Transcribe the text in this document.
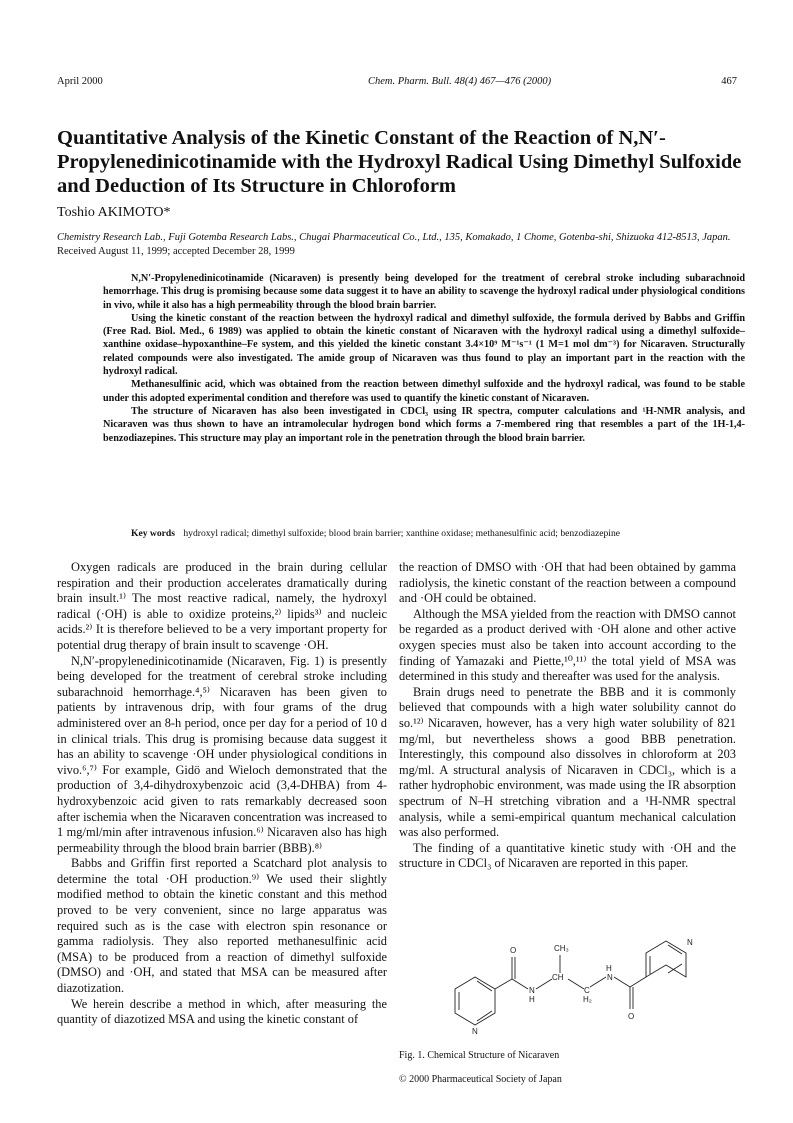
April 2000	Chem. Pharm. Bull. 48(4) 467—476 (2000)	467
Quantitative Analysis of the Kinetic Constant of the Reaction of N,N′-Propylenedinicotinamide with the Hydroxyl Radical Using Dimethyl Sulfoxide and Deduction of Its Structure in Chloroform
Toshio AKIMOTO*
Chemistry Research Lab., Fuji Gotemba Research Labs., Chugai Pharmaceutical Co., Ltd., 135, Komakado, 1 Chome, Gotenba-shi, Shizuoka 412-8513, Japan. Received August 11, 1999; accepted December 28, 1999

N,N′-Propylenedinicotinamide (Nicaraven) is presently being developed for the treatment of cerebral stroke including subarachnoid hemorrhage. This drug is promising because some data suggest it to have an ability to scavenge the hydroxyl radical under physiological conditions in vivo, while it also has a high permeability through the blood brain barrier.

Using the kinetic constant of the reaction between the hydroxyl radical and dimethyl sulfoxide, the formula derived by Babbs and Griffin (Free Rad. Biol. Med., 6 1989) was applied to obtain the kinetic constant of Nicaraven with the hydroxyl radical using a dimethyl sulfoxide–xanthine oxidase–hypoxanthine–Fe system, and this yielded the kinetic constant 3.4×10⁹ M⁻¹s⁻¹ (1 M=1 mol dm⁻³) for Nicaraven. Structurally related compounds were also investigated. The amide group of Nicaraven was thus found to play an important part in the reaction with the hydroxyl radical.

Methanesulfinic acid, which was obtained from the reaction between dimethyl sulfoxide and the hydroxyl radical, was found to be stable under this adopted experimental condition and therefore was used to quantify the kinetic constant of Nicaraven.

The structure of Nicaraven has also been investigated in CDCl₃ using IR spectra, computer calculations and ¹H-NMR analysis, and Nicaraven was thus shown to have an intramolecular hydrogen bond which forms a 7-membered ring that resembles a part of the 1H-1,4-benzodiazepines. This structure may play an important role in the penetration through the blood brain barrier.

Key words hydroxyl radical; dimethyl sulfoxide; blood brain barrier; xanthine oxidase; methanesulfinic acid; benzodiazepine

Oxygen radicals are produced in the brain during cellular respiration and their production accelerates dramatically during brain insult.¹⁾ The most reactive radical, namely, the hydroxyl radical (·OH) is able to oxidize proteins,²⁾ lipids³⁾ and nucleic acids.²⁾ It is therefore believed to be a very important property for potential drug therapy of brain insult to scavenge ·OH.

N,N′-propylenedinicotinamide (Nicaraven, Fig. 1) is presently being developed for the treatment of cerebral stroke including subarachnoid hemorrhage.⁴,⁵⁾ Nicaraven has been given to patients by intravenous drip, with four grams of the drug administered over an 8-h period, once per day for a period of 10 d in clinical trials. This drug is promising because data suggest it has an ability to scavenge ·OH under physiological conditions in vivo.⁶,⁷⁾ For example, Gidö and Wieloch demonstrated that the production of 3,4-dihydroxybenzoic acid (3,4-DHBA) from 4-hydroxybenzoic acid given to rats remarkably decreased soon after ischemia when the Nicaraven concentration was increased to 1 mg/ml/min after intravenous infusion.⁶⁾ Nicaraven also has high permeability through the blood brain barrier (BBB).⁸⁾

Babbs and Griffin first reported a Scatchard plot analysis to determine the total ·OH production.⁹⁾ We used their slightly modified method to obtain the kinetic constant and this method proved to be very convenient, since no large apparatus was required such as is the case with electron spin resonance or gamma radiolysis. They also reported methanesulfinic acid (MSA) to be produced from a reaction of dimethyl sulfoxide (DMSO) and ·OH, and stated that MSA can be measured after diazotization.

We herein describe a method in which, after measuring the quantity of diazotized MSA and using the kinetic constant of

the reaction of DMSO with ·OH that had been obtained by gamma radiolysis, the kinetic constant of the reaction between a compound and ·OH could be obtained.

Although the MSA yielded from the reaction with DMSO cannot be regarded as a product derived with ·OH alone and other active oxygen species must also be taken into account according to the finding of Yamazaki and Piette,¹⁰,¹¹⁾ the total yield of MSA was determined in this study and thereafter was used for the analysis.

Brain drugs need to penetrate the BBB and it is commonly believed that compounds with a high water solubility cannot do so.¹²⁾ Nicaraven, however, has a very high water solubility of 821 mg/ml, but nevertheless shows a good BBB penetration. Interestingly, this compound also dissolves in chloroform at 203 mg/ml. A structural analysis of Nicaraven in CDCl₃, which is a rather hydrophobic environment, was made using the IR absorption spectrum of N–H stretching vibration and a ¹H-NMR spectral analysis, while a semi-empirical quantum mechanical calculation was also performed.

The finding of a quantitative kinetic study with ·OH and the structure in CDCl₃ of Nicaraven are reported in this paper.

O	CH₃
N
H
CH
C
H₂
H
N
O
N
N
Fig. 1. Chemical Structure of Nicaraven
© 2000 Pharmaceutical Society of Japan
